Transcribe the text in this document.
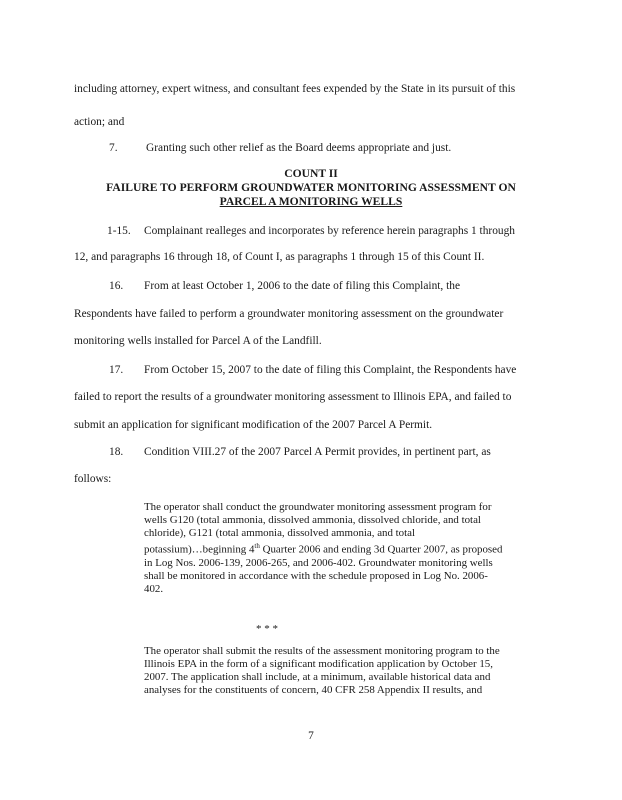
including attorney, expert witness, and consultant fees expended by the State in its pursuit of this
action; and
7. Granting such other relief as the Board deems appropriate and just.
COUNT II
FAILURE TO PERFORM GROUNDWATER MONITORING ASSESSMENT ON
PARCEL A MONITORING WELLS
1-15. Complainant realleges and incorporates by reference herein paragraphs 1 through
12, and paragraphs 16 through 18, of Count I, as paragraphs 1 through 15 of this Count II.
16. From at least October 1, 2006 to the date of filing this Complaint, the
Respondents have failed to perform a groundwater monitoring assessment on the groundwater
monitoring wells installed for Parcel A of the Landfill.
17. From October 15, 2007 to the date of filing this Complaint, the Respondents have
failed to report the results of a groundwater monitoring assessment to Illinois EPA, and failed to
submit an application for significant modification of the 2007 Parcel A Permit.
18. Condition VIII.27 of the 2007 Parcel A Permit provides, in pertinent part, as
follows:

The operator shall conduct the groundwater monitoring assessment program for

wells G120 (total ammonia, dissolved ammonia, dissolved chloride, and total

chloride), G121 (total ammonia, dissolved ammonia, and total

potassium)…beginning 4th Quarter 2006 and ending 3d Quarter 2007, as proposed

in Log Nos. 2006-139, 2006-265, and 2006-402. Groundwater monitoring wells

shall be monitored in accordance with the schedule proposed in Log No. 2006-

402.

* * *

The operator shall submit the results of the assessment monitoring program to the

Illinois EPA in the form of a significant modification application by October 15,

2007. The application shall include, at a minimum, available historical data and

analyses for the constituents of concern, 40 CFR 258 Appendix II results, and

7
